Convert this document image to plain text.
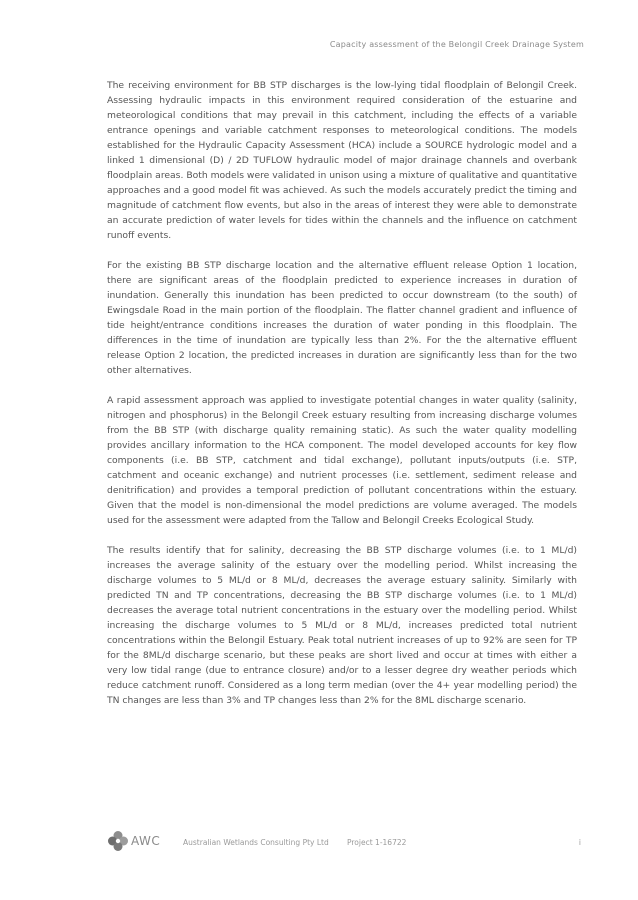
Capacity assessment of the Belongil Creek Drainage System

The receiving environment for BB STP discharges is the low-lying tidal floodplain of Belongil Creek. Assessing hydraulic impacts in this environment required consideration of the estuarine and meteorological conditions that may prevail in this catchment, including the effects of a variable entrance openings and variable catchment responses to meteorological conditions. The models established for the Hydraulic Capacity Assessment (HCA) include a SOURCE hydrologic model and a linked 1 dimensional (D) / 2D TUFLOW hydraulic model of major drainage channels and overbank floodplain areas. Both models were validated in unison using a mixture of qualitative and quantitative approaches and a good model fit was achieved. As such the models accurately predict the timing and magnitude of catchment flow events, but also in the areas of interest they were able to demonstrate an accurate prediction of water levels for tides within the channels and the influence on catchment runoff events.

For the existing BB STP discharge location and the alternative effluent release Option 1 location, there are significant areas of the floodplain predicted to experience increases in duration of inundation. Generally this inundation has been predicted to occur downstream (to the south) of Ewingsdale Road in the main portion of the floodplain. The flatter channel gradient and influence of tide height/entrance conditions increases the duration of water ponding in this floodplain. The differences in the time of inundation are typically less than 2%. For the the alternative effluent release Option 2 location, the predicted increases in duration are significantly less than for the two other alternatives.

A rapid assessment approach was applied to investigate potential changes in water quality (salinity, nitrogen and phosphorus) in the Belongil Creek estuary resulting from increasing discharge volumes from the BB STP (with discharge quality remaining static). As such the water quality modelling provides ancillary information to the HCA component. The model developed accounts for key flow components (i.e. BB STP, catchment and tidal exchange), pollutant inputs/outputs (i.e. STP, catchment and oceanic exchange) and nutrient processes (i.e. settlement, sediment release and denitrification) and provides a temporal prediction of pollutant concentrations within the estuary. Given that the model is non-dimensional the model predictions are volume averaged. The models used for the assessment were adapted from the Tallow and Belongil Creeks Ecological Study.

The results identify that for salinity, decreasing the BB STP discharge volumes (i.e. to 1 ML/d) increases the average salinity of the estuary over the modelling period. Whilst increasing the discharge volumes to 5 ML/d or 8 ML/d, decreases the average estuary salinity. Similarly with predicted TN and TP concentrations, decreasing the BB STP discharge volumes (i.e. to 1 ML/d) decreases the average total nutrient concentrations in the estuary over the modelling period. Whilst increasing the discharge volumes to 5 ML/d or 8 ML/d, increases predicted total nutrient concentrations within the Belongil Estuary. Peak total nutrient increases of up to 92% are seen for TP for the 8ML/d discharge scenario, but these peaks are short lived and occur at times with either a very low tidal range (due to entrance closure) and/or to a lesser degree dry weather periods which reduce catchment runoff. Considered as a long term median (over the 4+ year modelling period) the TN changes are less than 3% and TP changes less than 2% for the 8ML discharge scenario.

AWC	Australian Wetlands Consulting Pty Ltd Project 1-16722	i
